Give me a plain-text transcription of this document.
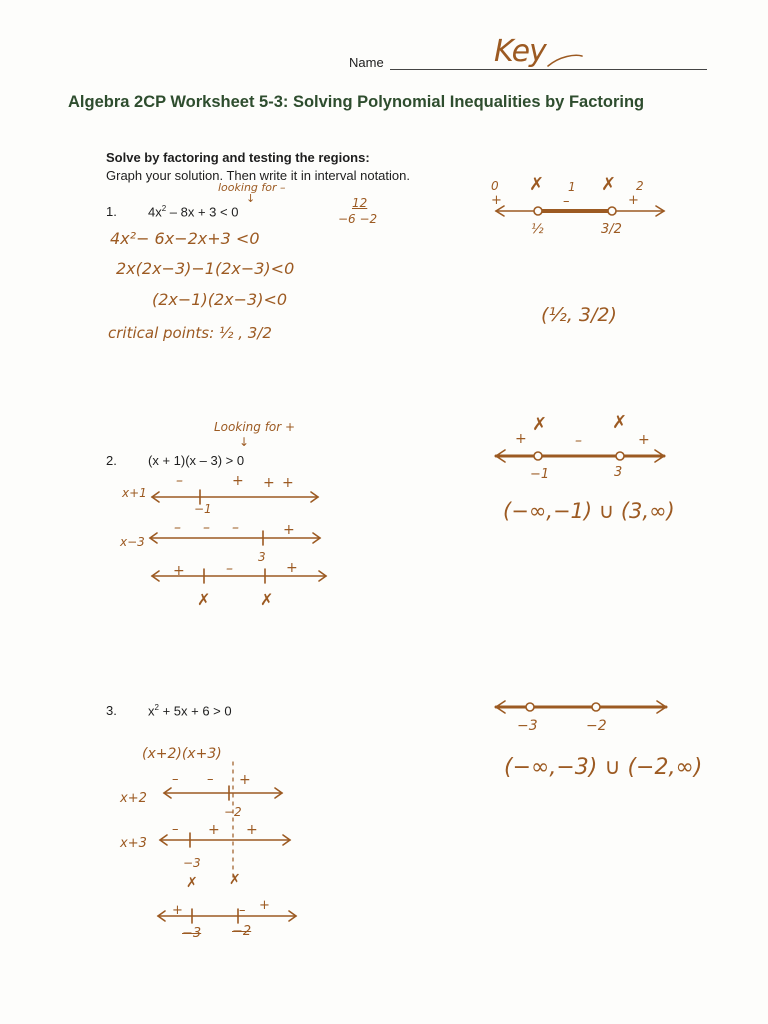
Name	Key
Algebra 2CP Worksheet 5-3: Solving Polynomial Inequalities by Factoring
Solve by factoring and testing the regions:
Graph your solution. Then write it in interval notation.
1. $4x^2 - 8x + 3 < 0$
looking for –
↓	12
−6 −2
4x²− 6x−2x+3 <0
2x(2x−3)−1(2x−3)<0
(2x−1)(2x−3)<0
critical points: ½ , 3/2
0
+
✗ 1
–
✗ 2
+
½	3/2
(½, 3/2)
2. (x + 1)(x – 3) > 0
Looking for +
↓
x+1
–	+ + +
−1
x−3
– – –	+
3
+	–	+
✗	✗
+
✗
–
✗
+
−1	3
(−∞,−1) ∪ (3,∞)
3. $x^2 + 5x + 6 > 0$
(x+2)(x+3)
x+2
– – +
−2
x+3
– + +
−3
✗ ✗
+	– +
−3 −2
−3	−2
(−∞,−3) ∪ (−2,∞)
